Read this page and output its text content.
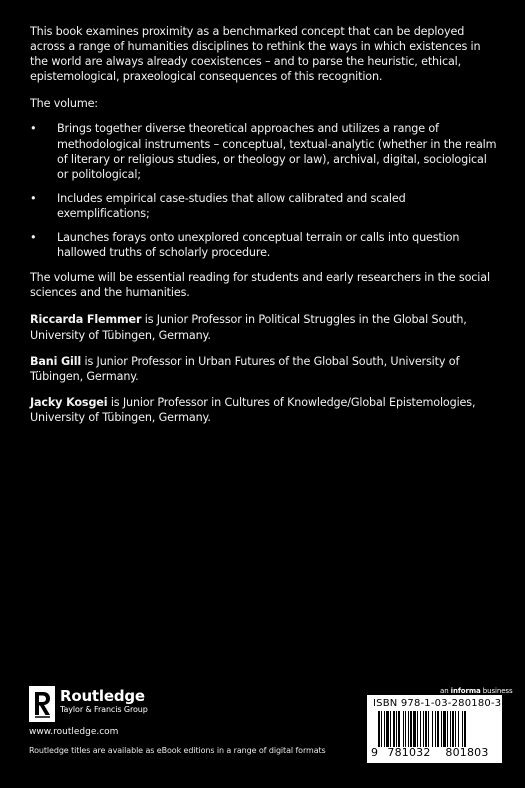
This book examines proximity as a benchmarked concept that can be deployed across a range of humanities disciplines to rethink the ways in which existences in the world are always already coexistences – and to parse the heuristic, ethical, epistemological, praxeological consequences of this recognition.

The volume:

• Brings together diverse theoretical approaches and utilizes a range of methodological instruments – conceptual, textual-analytic (whether in the realm of literary or religious studies, or theology or law), archival, digital, sociological or politological;
• Includes empirical case-studies that allow calibrated and scaled exemplifications;
• Launches forays onto unexplored conceptual terrain or calls into question hallowed truths of scholarly procedure.

The volume will be essential reading for students and early researchers in the social sciences and the humanities.

Riccarda Flemmer is Junior Professor in Political Struggles in the Global South, University of Tübingen, Germany.
Bani Gill is Junior Professor in Urban Futures of the Global South, University of Tübingen, Germany.
Jacky Kosgei is Junior Professor in Cultures of Knowledge/Global Epistemologies, University of Tübingen, Germany.
Routledge
Taylor & Francis Group
www.routledge.com
Routledge titles are available as eBook editions in a range of digital formats
an informa business
ISBN 978-1-03-280180-3
9 781032	801803
